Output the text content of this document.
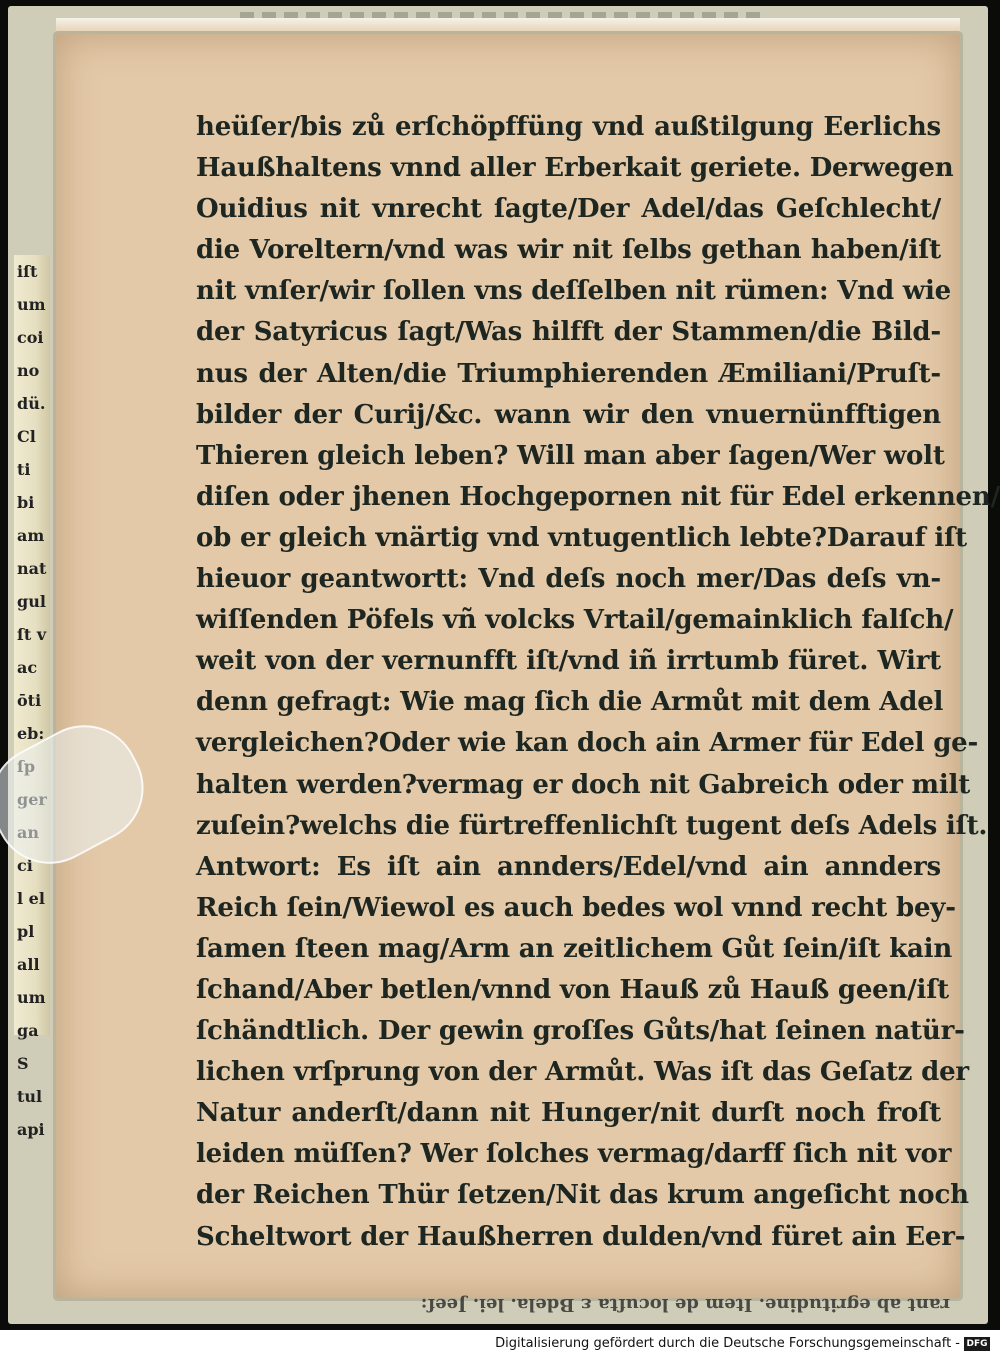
iſt
um
coi
no
dü.
Cl
ti
bi
am
nat
gul
ſt v
ac
ōti
eb:
ci
l el
pl
all
um
ga
S
tul
api
heüſer/bis zů erſchöpffüng vnd außtilgung Eerlichs
Haußhaltens vnnd aller Erberkait geriete. Derwegen
Ouidius nit vnrecht ſagte/Der Adel/das Geſchlecht/
die Voreltern/vnd was wir nit ſelbs gethan haben/iſt
nit vnſer/wir ſollen vns deſſelben nit rümen: Vnd wie
der Satyricus ſagt/Was hilfft der Stammen/die Bild-
nus der Alten/die Triumphierenden Æmiliani/Pruſt-
bilder der Curij/&c. wann wir den vnuernünfftigen
Thieren gleich leben? Will man aber ſagen/Wer wolt
diſen oder jhenen Hochgepornen nit für Edel erkennen/
ob er gleich vnärtig vnd vntugentlich lebte?Darauf iſt
hieuor geantwortt: Vnd deſs noch mer/Das deſs vn-
wiſſenden Pöfels vñ volcks Vrtail/gemainklich falſch/
weit von der vernunfft iſt/vnd iñ irrtumb füret. Wirt
denn gefragt: Wie mag ſich die Armůt mit dem Adel
vergleichen?Oder wie kan doch ain Armer für Edel ge-
halten werden?vermag er doch nit Gabreich oder milt
zuſein?welchs die fürtreffenlichſt tugent deſs Adels iſt.
Antwort: Es iſt ain annders/Edel/vnd ain annders
Reich ſein/Wiewol es auch bedes wol vnnd recht bey-
ſamen ſteen mag/Arm an zeitlichem Gůt ſein/iſt kain
ſchand/Aber betlen/vnnd von Hauß zů Hauß geen/iſt
ſchändtlich. Der gewin groſſes Gůts/hat ſeinen natür-
lichen vrſprung von der Armůt. Was iſt das Geſatz der
Natur anderſt/dann nit Hunger/nit durſt noch froſt
leiden müſſen? Wer ſolches vermag/darff ſich nit vor
der Reichen Thür ſetzen/Nit das krum angeſicht noch
Scheltwort der Haußherren dulden/vnd füret ain Eer-
rant ab egritudine. Item de locuſta ɛ Bdela. lei. Jeeſ:
Digitalisierung gefördert durch die Deutsche Forschungsgemeinschaft - DFG
